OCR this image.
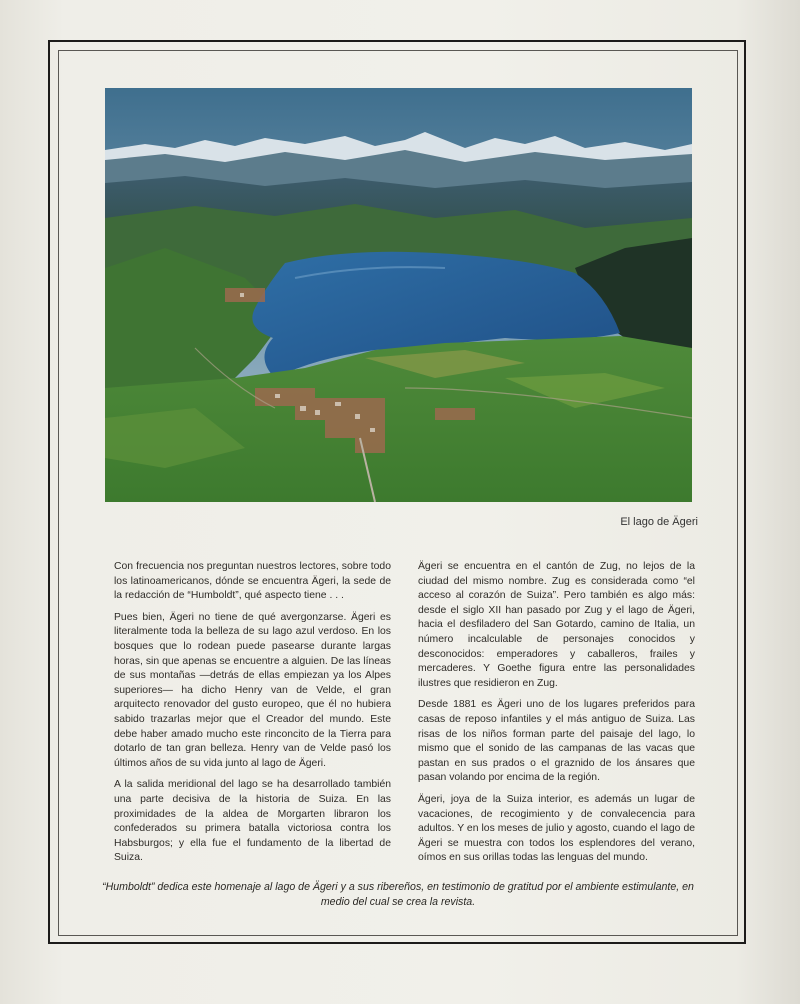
El lago de Ägeri

Con frecuencia nos preguntan nuestros lectores, sobre todo los latinoamericanos, dónde se encuentra Ägeri, la sede de la redacción de “Humboldt”, qué aspecto tiene . . .

Pues bien, Ägeri no tiene de qué avergonzarse. Ägeri es literalmente toda la belleza de su lago azul verdoso. En los bosques que lo rodean puede pasearse durante largas horas, sin que apenas se encuentre a alguien. De las líneas de sus montañas —detrás de ellas empiezan ya los Alpes superiores— ha dicho Henry van de Velde, el gran arquitecto renovador del gusto europeo, que él no hubiera sabido trazarlas mejor que el Creador del mundo. Este debe haber amado mucho este rinconcito de la Tierra para dotarlo de tan gran belleza. Henry van de Velde pasó los últimos años de su vida junto al lago de Ägeri.

A la salida meridional del lago se ha desarrollado también una parte decisiva de la historia de Suiza. En las proximidades de la aldea de Morgarten libraron los confederados su primera batalla victoriosa contra los Habsburgos; y ella fue el fundamento de la libertad de Suiza.

Ägeri se encuentra en el cantón de Zug, no lejos de la ciudad del mismo nombre. Zug es considerada como “el acceso al corazón de Suiza”. Pero también es algo más: desde el siglo XII han pasado por Zug y el lago de Ägeri, hacia el desfiladero del San Gotardo, camino de Italia, un número incalculable de personajes conocidos y desconocidos: emperadores y caballeros, frailes y mercaderes. Y Goethe figura entre las personalidades ilustres que residieron en Zug.

Desde 1881 es Ägeri uno de los lugares preferidos para casas de reposo infantiles y el más antiguo de Suiza. Las risas de los niños forman parte del paisaje del lago, lo mismo que el sonido de las campanas de las vacas que pastan en sus prados o el graznido de los ánsares que pasan volando por encima de la región.

Ägeri, joya de la Suiza interior, es además un lugar de vacaciones, de recogimiento y de convalecencia para adultos. Y en los meses de julio y agosto, cuando el lago de Ägeri se muestra con todos los esplendores del verano, oímos en sus orillas todas las lenguas del mundo.

“Humboldt” dedica este homenaje al lago de Ägeri y a sus ribereños, en testimonio de gratitud por el ambiente estimulante, en medio del cual se crea la revista.
